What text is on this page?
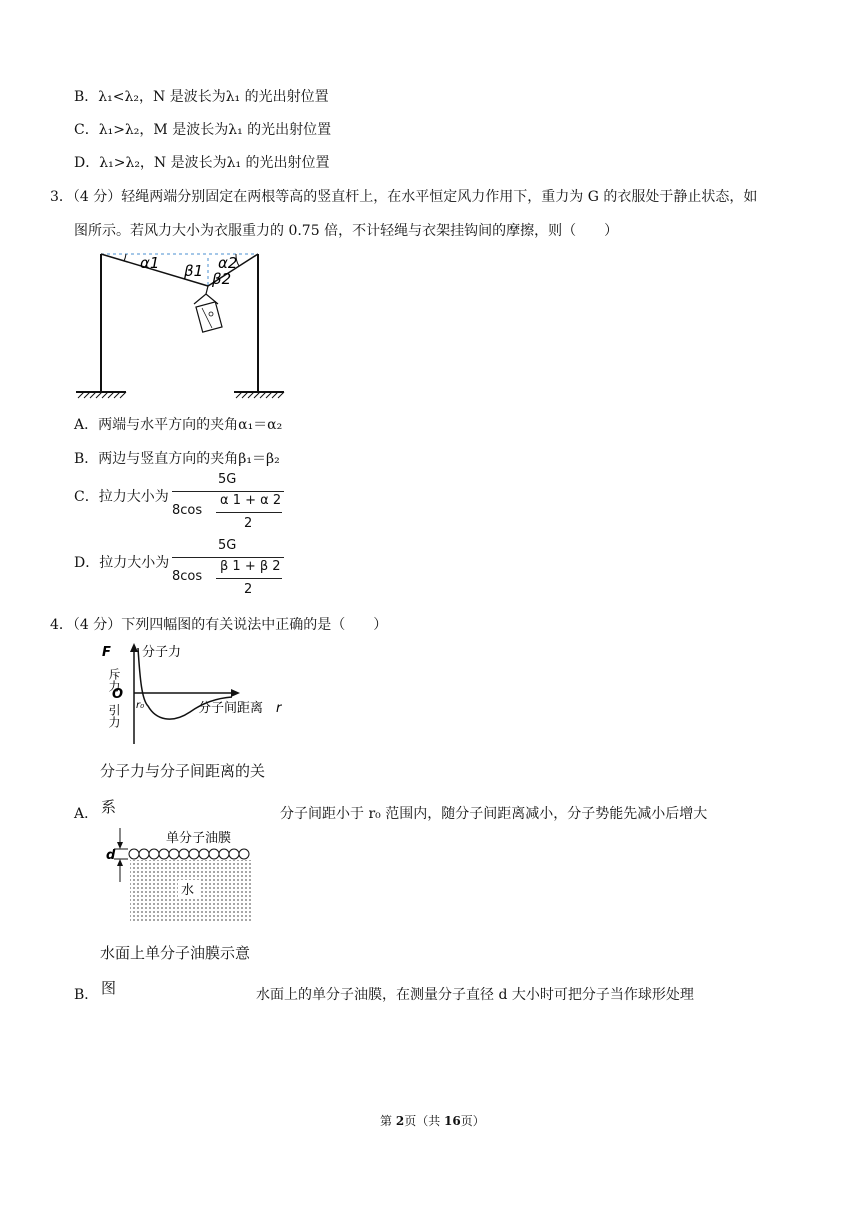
B．λ₁<λ₂，N 是波长为λ₁ 的光出射位置
C．λ₁>λ₂，M 是波长为λ₁ 的光出射位置
D．λ₁>λ₂，N 是波长为λ₁ 的光出射位置
3．（4 分）轻绳两端分别固定在两根等高的竖直杆上，在水平恒定风力作用下，重力为 G 的衣服处于静止状态，如
图所示。若风力大小为衣服重力的 0.75 倍，不计轻绳与衣架挂钩间的摩擦，则（　　）
α1 β1 α2
β2
A．两端与水平方向的夹角α₁＝α₂
B．两边与竖直方向的夹角β₁＝β₂
C．拉力大小为
5G
8cos
α 1 + α 2
2
D．拉力大小为
5G
8cos
β 1 + β 2
2
4．（4 分）下列四幅图的有关说法中正确的是（　　）
F 分子力
斥力
O
引力 r₀	分子间距离 r
分子力与分子间距离的关
A． 系	分子间距小于 r₀ 范围内，随分子间距离减小，分子势能先减小后增大
d
单分子油膜
水
水面上单分子油膜示意
B． 图	水面上的单分子油膜，在测量分子直径 d 大小时可把分子当作球形处理
第 2页（共 16页）
